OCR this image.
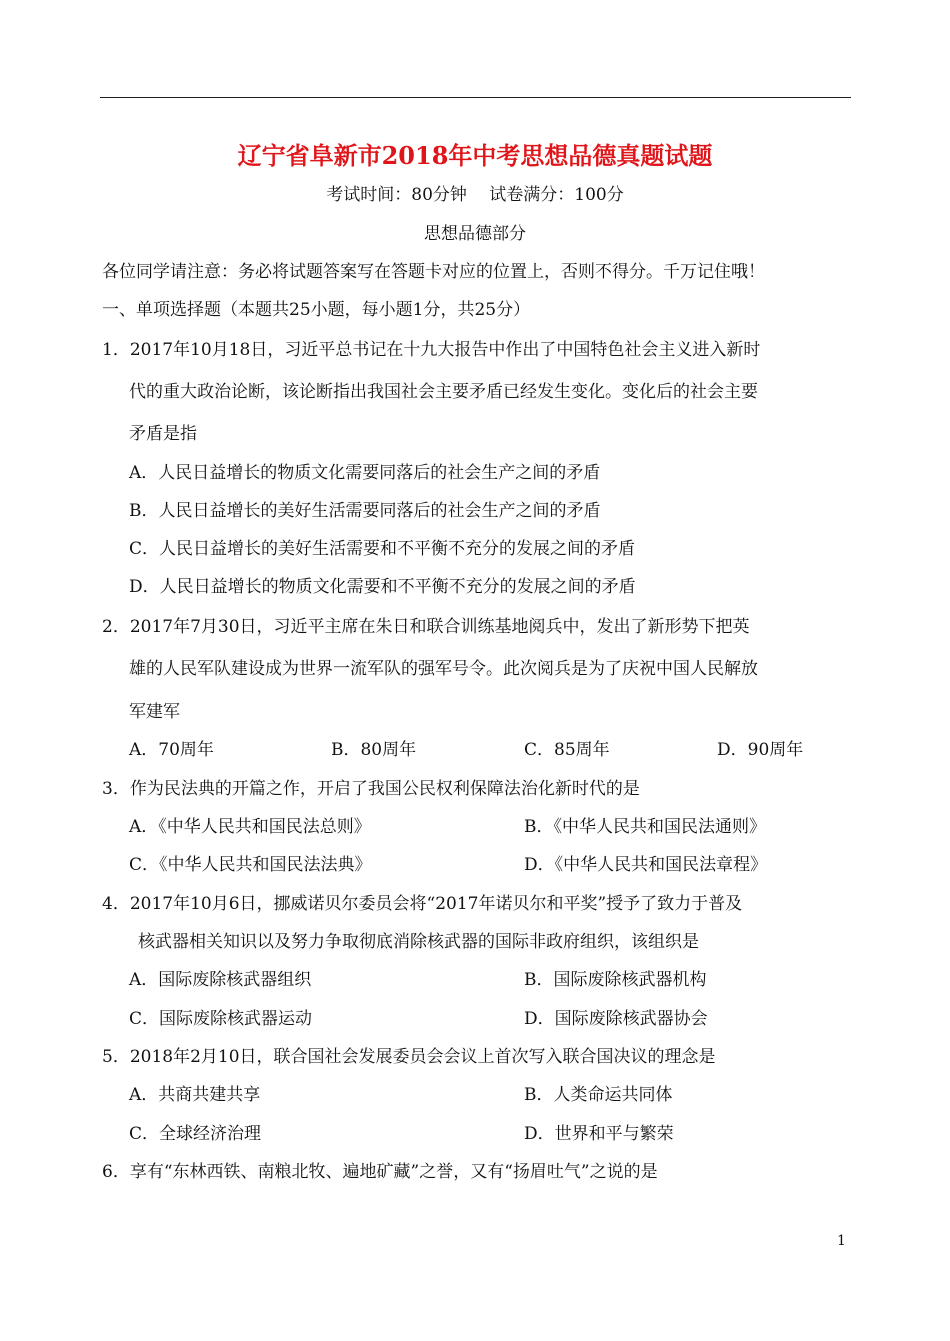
辽宁省阜新市2018年中考思想品德真题试题
考试时间：80分钟　 试卷满分：100分
思想品德部分
各位同学请注意：务必将试题答案写在答题卡对应的位置上，否则不得分。千万记住哦！
一、单项选择题（本题共25小题，每小题1分，共25分）
1．2017年10月18日，习近平总书记在十九大报告中作出了中国特色社会主义进入新时
代的重大政治论断，该论断指出我国社会主要矛盾已经发生变化。变化后的社会主要
矛盾是指
A．人民日益增长的物质文化需要同落后的社会生产之间的矛盾
B．人民日益增长的美好生活需要同落后的社会生产之间的矛盾
C．人民日益增长的美好生活需要和不平衡不充分的发展之间的矛盾
D．人民日益增长的物质文化需要和不平衡不充分的发展之间的矛盾
2．2017年7月30日，习近平主席在朱日和联合训练基地阅兵中，发出了新形势下把英
雄的人民军队建设成为世界一流军队的强军号令。此次阅兵是为了庆祝中国人民解放
军建军
A．70周年	B．80周年	C．85周年	D．90周年
3．作为民法典的开篇之作，开启了我国公民权利保障法治化新时代的是
A．《中华人民共和国民法总则》	B．《中华人民共和国民法通则》
C．《中华人民共和国民法法典》	D．《中华人民共和国民法章程》
4．2017年10月6日，挪威诺贝尔委员会将“2017年诺贝尔和平奖”授予了致力于普及
核武器相关知识以及努力争取彻底消除核武器的国际非政府组织，该组织是
A．国际废除核武器组织	B．国际废除核武器机构
C．国际废除核武器运动	D．国际废除核武器协会
5．2018年2月10日，联合国社会发展委员会会议上首次写入联合国决议的理念是
A．共商共建共享	B．人类命运共同体
C．全球经济治理	D．世界和平与繁荣
6．享有“东林西铁、南粮北牧、遍地矿藏”之誉，又有“扬眉吐气”之说的是
1
